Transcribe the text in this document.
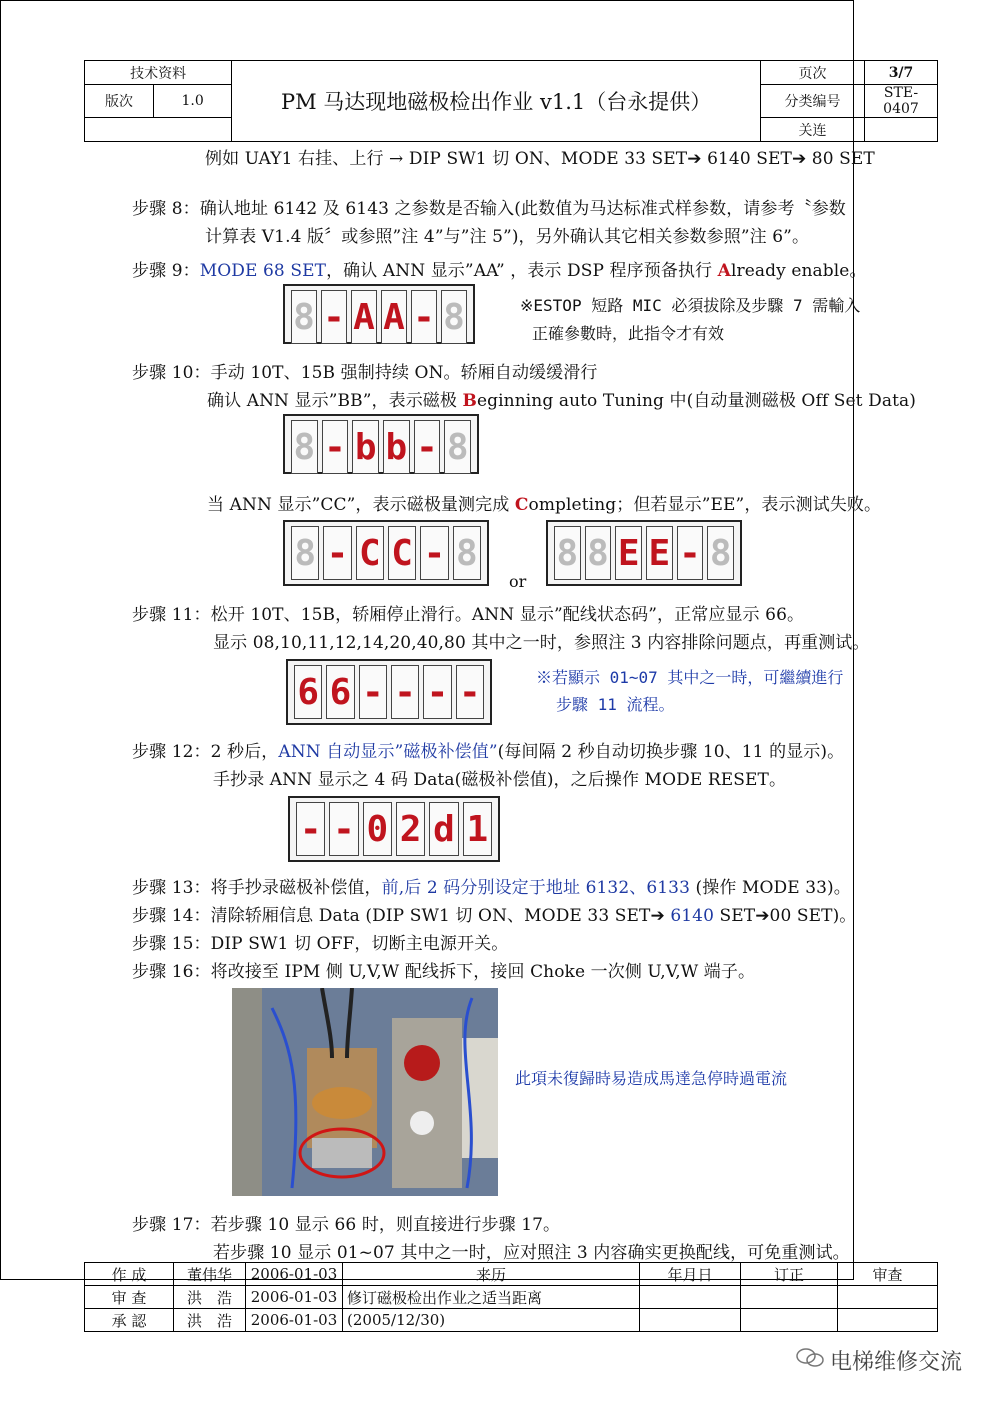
技术资料		PM 马达现地磁极检出作业 v1.1（台永提供）	页次	3/7
版次	1.0		分类编号	STE-0407
			关连	
例如 UAY1 右挂、上行 → DIP SW1 切 ON、MODE 33 SET➔ 6140 SET➔ 80 SET
步骤 8：确认地址 6142 及 6143 之参数是否输入(此数值为马达标准式样参数，请参考〝参数
计算表 V1.4 版〞或参照”注 4”与”注 5”)，另外确认其它相关参数参照”注 6”。
步骤 9：MODE 68 SET，确认 ANN 显示”AA” ，表示 DSP 程序预备执行 Already enable。
8 - A A - 8	※ESTOP 短路 MIC 必須拔除及步驟 7 需輸入
正確參數時，此指令才有效
步骤 10：手动 10T、15B 强制持续 ON。轿厢自动缓缓滑行
确认 ANN 显示”BB”，表示磁极 Beginning auto Tuning 中(自动量测磁极 Off Set Data)
8 - b b - 8
当 ANN 显示”CC”，表示磁极量测完成 Completing；但若显示”EE”，表示测试失败。
8 - C C - 8
or
8 8 E E - 8
步骤 11：松开 10T、15B，轿厢停止滑行。ANN 显示”配线状态码”，正常应显示 66。
显示 08,10,11,12,14,20,40,80 其中之一时，参照注 3 内容排除问题点，再重测试。
6 6 - - - -	※若顯示 01~07 其中之一時，可繼續進行
步驟 11 流程。
步骤 12：2 秒后，ANN 自动显示”磁极补偿值”(每间隔 2 秒自动切换步骤 10、11 的显示)。
手抄录 ANN 显示之 4 码 Data(磁极补偿值)，之后操作 MODE RESET。
- - 0 2 d 1
步骤 13：将手抄录磁极补偿值，前,后 2 码分别设定于地址 6132、6133 (操作 MODE 33)。
步骤 14：清除轿厢信息 Data (DIP SW1 切 ON、MODE 33 SET➔ 6140 SET➔00 SET)。
步骤 15：DIP SW1 切 OFF，切断主电源开关。
步骤 16：将改接至 IPM 侧 U,V,W 配线拆下，接回 Choke 一次侧 U,V,W 端子。
此項未復歸時易造成馬達急停時過電流
步骤 17：若步骤 10 显示 66 时，则直接进行步骤 17。
若步骤 10 显示 01~07 其中之一时，应对照注 3 内容确实更换配线，可免重测试。
作 成	董伟华	2006-01-03	来历	年月日	订正	审查
审 查	洪　浩	2006-01-03	修订磁极检出作业之适当距离			
承 認	洪　浩	2006-01-03	(2005/12/30)			
电梯维修交流
